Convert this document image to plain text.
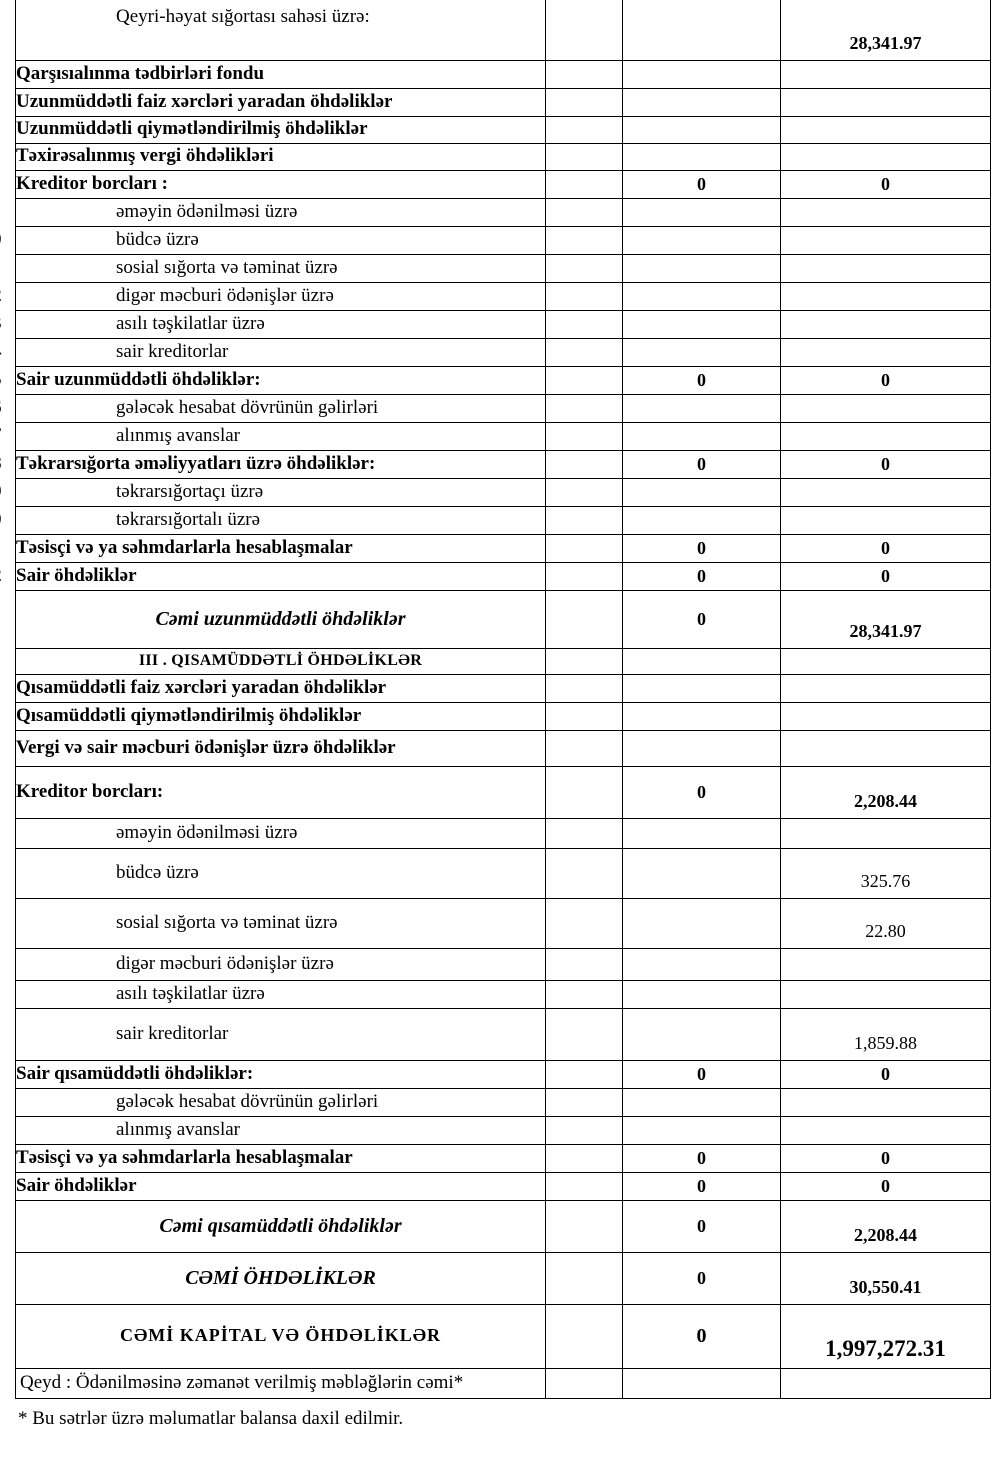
Qeyri-həyat sığortası sahəsi üzrə:			28,341.97
Qarşısıalınma tədbirləri fondu			
Uzunmüddətli faiz xərcləri yaradan öhdəliklər			
Uzunmüddətli qiymətləndirilmiş öhdəliklər			
Təxirəsalınmış vergi öhdəlikləri			
Kreditor borcları :		0	0
əməyin ödənilməsi üzrə			
büdcə üzrə			
sosial sığorta və təminat üzrə			
digər məcburi ödənişlər üzrə			
asılı təşkilatlar üzrə			
sair kreditorlar			
Sair uzunmüddətli öhdəliklər:		0	0
gələcək hesabat dövrünün gəlirləri			
alınmış avanslar			
Təkrarsığorta əməliyyatları üzrə öhdəliklər:		0	0
təkrarsığortaçı üzrə			
təkrarsığortalı üzrə			
Təsisçi və ya səhmdarlarla hesablaşmalar		0	0
Sair öhdəliklər		0	0
Cəmi uzunmüddətli öhdəliklər		0	28,341.97
III . QISAMÜDDƏTLİ ÖHDƏLİKLƏR			
Qısamüddətli faiz xərcləri yaradan öhdəliklər			
Qısamüddətli qiymətləndirilmiş öhdəliklər			
Vergi və sair məcburi ödənişlər üzrə öhdəliklər			
Kreditor borcları:		0	2,208.44
əməyin ödənilməsi üzrə			
büdcə üzrə			325.76
sosial sığorta və təminat üzrə			22.80
digər məcburi ödənişlər üzrə			
asılı təşkilatlar üzrə			
sair kreditorlar			1,859.88
Sair qısamüddətli öhdəliklər:		0	0
gələcək hesabat dövrünün gəlirləri			
alınmış avanslar			
Təsisçi və ya səhmdarlarla hesablaşmalar		0	0
Sair öhdəliklər		0	0
Cəmi qısamüddətli öhdəliklər		0	2,208.44
CƏMİ ÖHDƏLİKLƏR		0	30,550.41
CƏMİ KAPİTAL VƏ ÖHDƏLİKLƏR		0	1,997,272.31
Qeyd : Ödənilməsinə zəmanət verilmiş məbləğlərin cəmi*			
* Bu sətrlər üzrə məlumatlar balansa daxil edilmir.
